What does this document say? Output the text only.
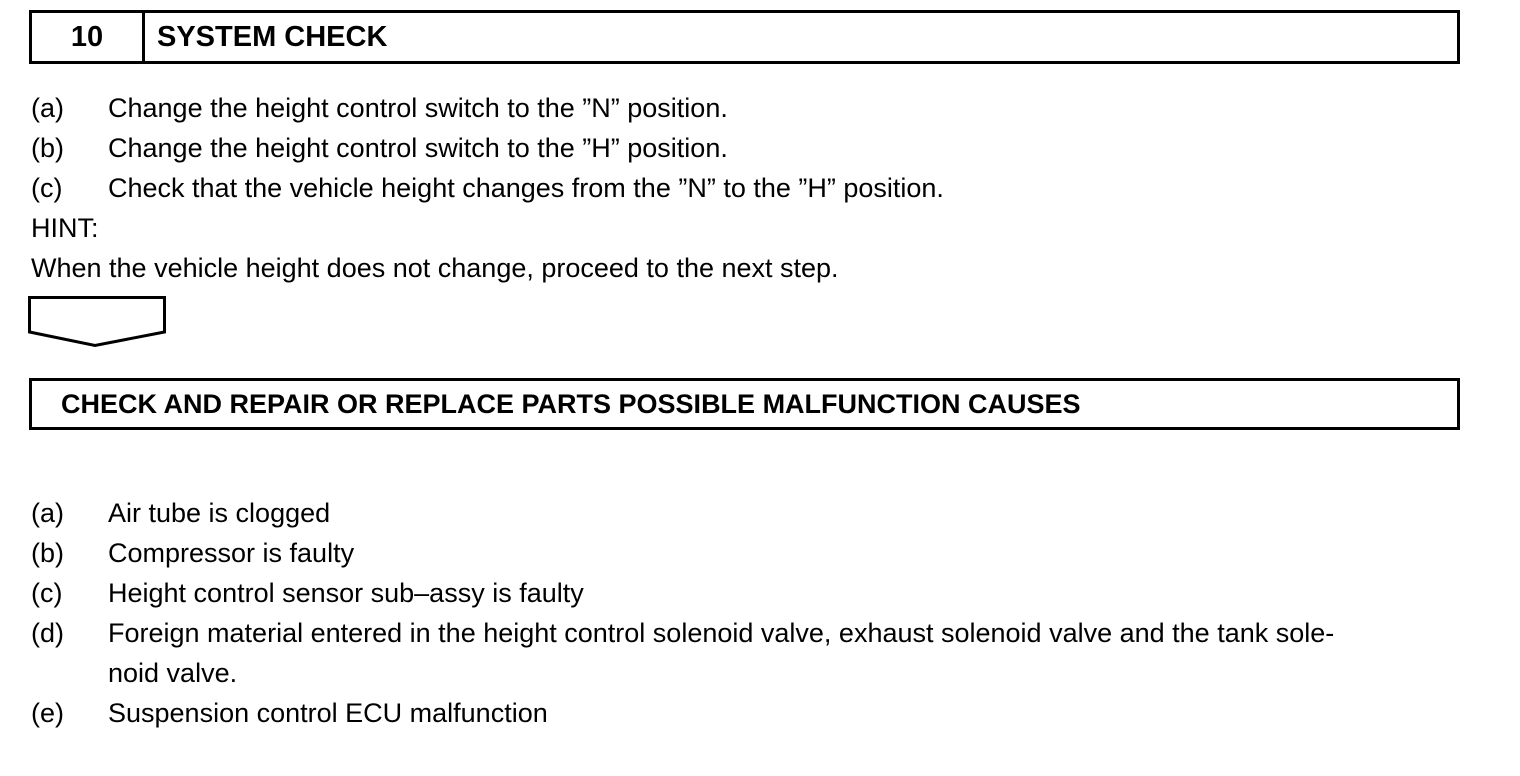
10	SYSTEM CHECK
(a)	Change the height control switch to the ”N” position.
(b)	Change the height control switch to the ”H” position.
(c)	Check that the vehicle height changes from the ”N” to the ”H” position.
HINT:
When the vehicle height does not change, proceed to the next step.
CHECK AND REPAIR OR REPLACE PARTS POSSIBLE MALFUNCTION CAUSES
(a)	Air tube is clogged
(b)	Compressor is faulty
(c)	Height control sensor sub–assy is faulty
(d)	Foreign material entered in the height control solenoid valve, exhaust solenoid valve and the tank sole-
noid valve.
(e)	Suspension control ECU malfunction
